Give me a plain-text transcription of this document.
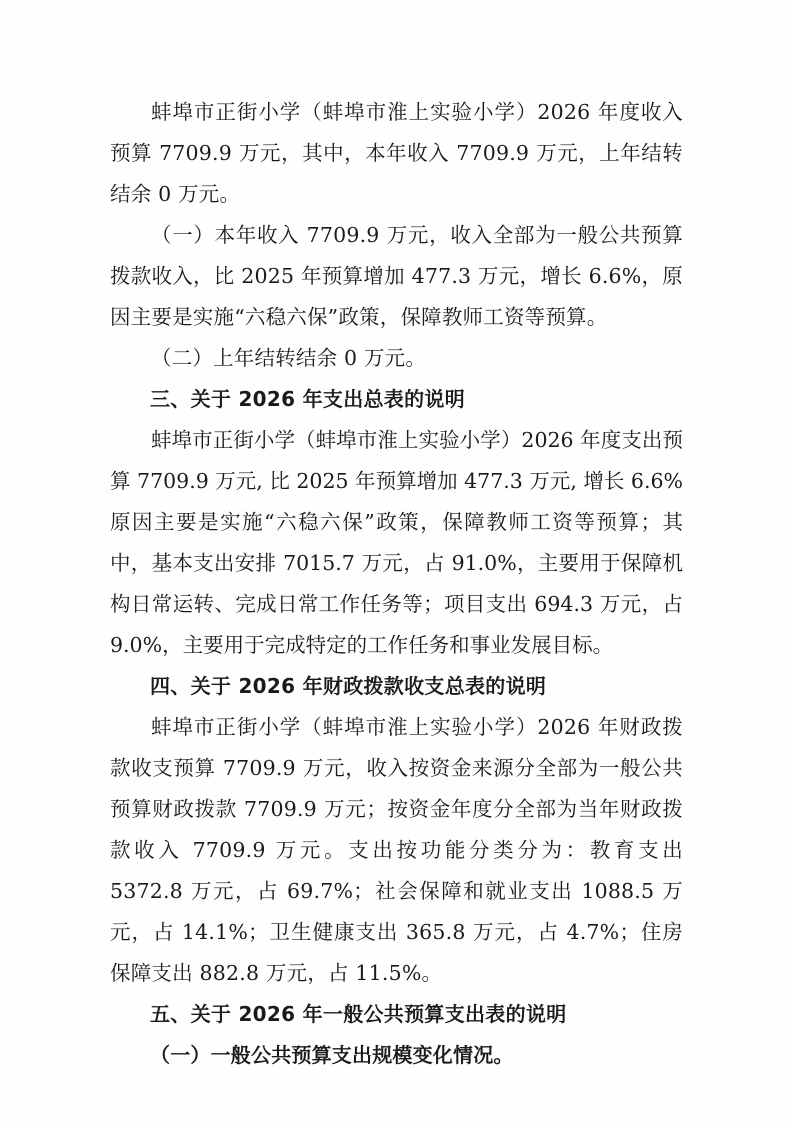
蚌埠市正街小学（蚌埠市淮上实验小学）2026 年度收入预算 7709.9 万元，其中，本年收入 7709.9 万元，上年结转结余 0 万元。

（一）本年收入 7709.9 万元，收入全部为一般公共预算拨款收入，比 2025 年预算增加 477.3 万元，增长 6.6%，原因主要是实施“六稳六保”政策，保障教师工资等预算。

（二）上年结转结余 0 万元。

三、关于 2026 年支出总表的说明

蚌埠市正街小学（蚌埠市淮上实验小学）2026 年度支出预算 7709.9 万元, 比 2025 年预算增加 477.3 万元, 增长 6.6% 原因主要是实施“六稳六保”政策，保障教师工资等预算；其中，基本支出安排 7015.7 万元，占 91.0%，主要用于保障机构日常运转、完成日常工作任务等；项目支出 694.3 万元，占 9.0%，主要用于完成特定的工作任务和事业发展目标。

四、关于 2026 年财政拨款收支总表的说明

蚌埠市正街小学（蚌埠市淮上实验小学）2026 年财政拨款收支预算 7709.9 万元，收入按资金来源分全部为一般公共预算财政拨款 7709.9 万元；按资金年度分全部为当年财政拨款收入 7709.9 万元。支出按功能分类分为：教育支出 5372.8 万元，占 69.7%；社会保障和就业支出 1088.5 万元，占 14.1%；卫生健康支出 365.8 万元，占 4.7%；住房保障支出 882.8 万元，占 11.5%。

五、关于 2026 年一般公共预算支出表的说明

（一）一般公共预算支出规模变化情况。
